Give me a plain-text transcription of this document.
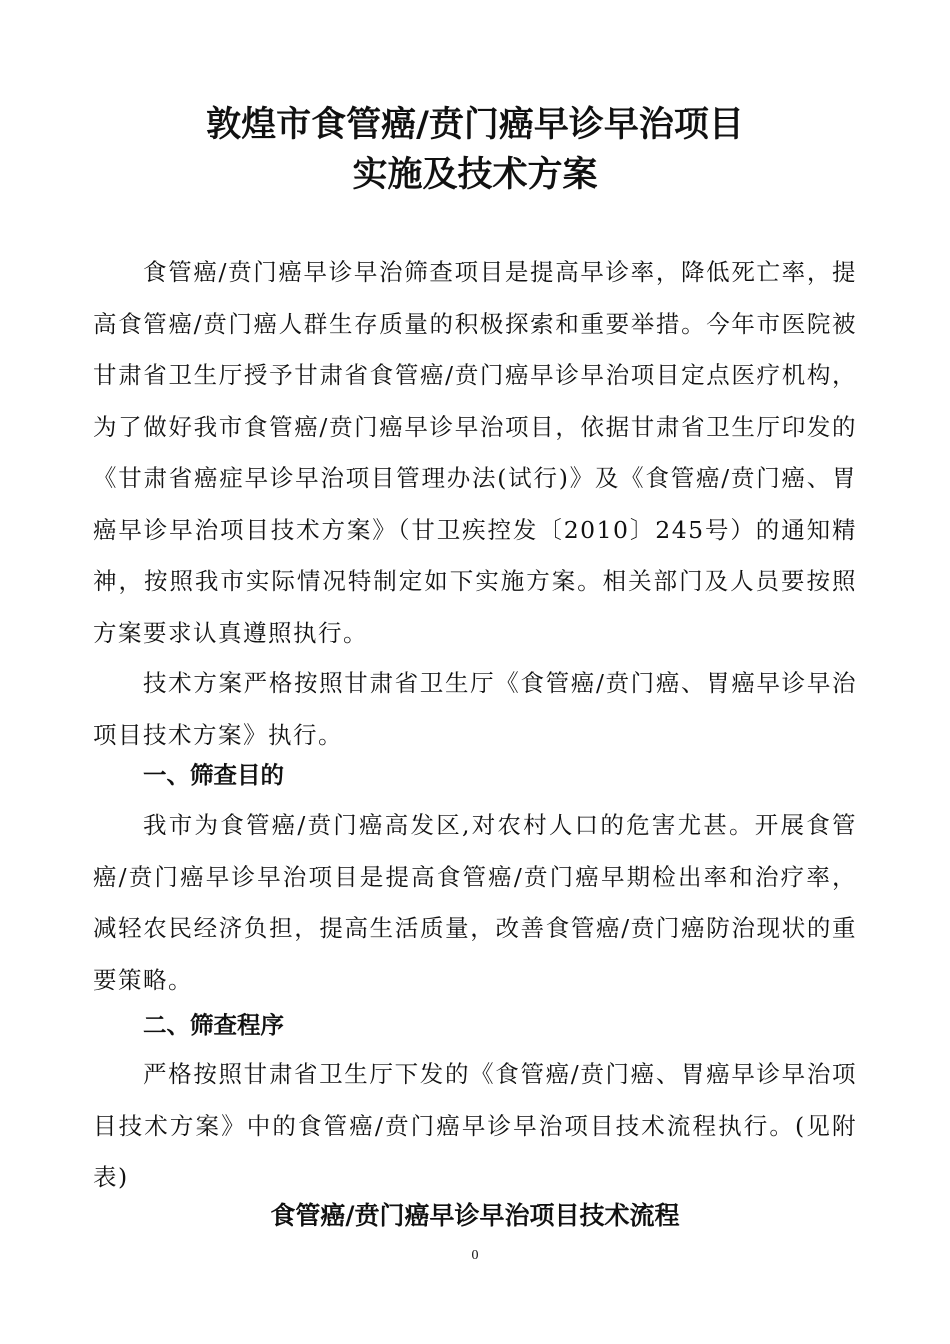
敦煌市食管癌/贲门癌早诊早治项目
实施及技术方案

食管癌/贲门癌早诊早治筛查项目是提高早诊率，降低死亡率，提高食管癌/贲门癌人群生存质量的积极探索和重要举措。今年市医院被甘肃省卫生厅授予甘肃省食管癌/贲门癌早诊早治项目定点医疗机构，为了做好我市食管癌/贲门癌早诊早治项目，依据甘肃省卫生厅印发的《甘肃省癌症早诊早治项目管理办法(试行)》及《食管癌/贲门癌、胃癌早诊早治项目技术方案》（甘卫疾控发〔2010〕245号）的通知精神，按照我市实际情况特制定如下实施方案。相关部门及人员要按照方案要求认真遵照执行。

技术方案严格按照甘肃省卫生厅《食管癌/贲门癌、胃癌早诊早治项目技术方案》执行。

一、筛查目的

我市为食管癌/贲门癌高发区,对农村人口的危害尤甚。开展食管癌/贲门癌早诊早治项目是提高食管癌/贲门癌早期检出率和治疗率，减轻农民经济负担，提高生活质量，改善食管癌/贲门癌防治现状的重要策略。

二、筛查程序

严格按照甘肃省卫生厅下发的《食管癌/贲门癌、胃癌早诊早治项目技术方案》中的食管癌/贲门癌早诊早治项目技术流程执行。(见附表)

食管癌/贲门癌早诊早治项目技术流程
0
